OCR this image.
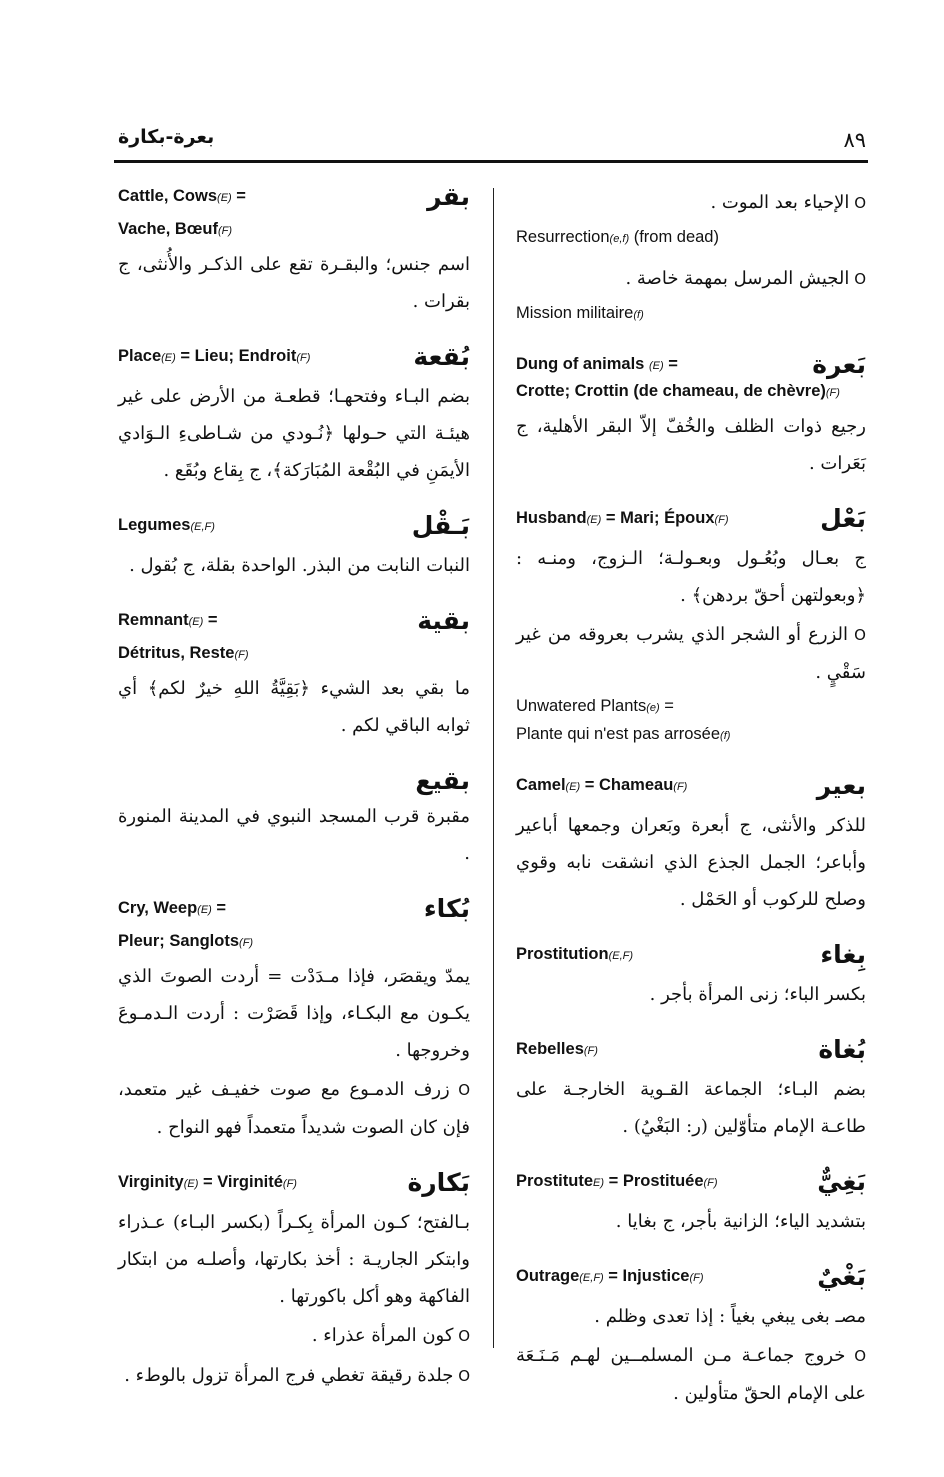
٨٩
بعرة-بكارة
O الإحياء بعد الموت .
Resurrection(e,f) (from dead)
O الجيش المرسل بمهمة خاصة .
Mission militaire(f)
Dung of animals (E) =	بَعرة
Crotte; Crottin (de chameau, de chèvre)(F)
رجيع ذوات الظلف والخُفّ إلاّ البقر الأهلية، ج بَعَرات .
Husband(E) = Mari; Époux(F)	بَعْل
ج بعـال وبُعُـول وبعـولـة؛ الـزوج، ومنـه : ﴿وبعولتهن أحقّ بردهن﴾ .
O الزرع أو الشجر الذي يشرب بعروقه من غير سَقْيٍ .
Unwatered Plants(e) =
Plante qui n'est pas arrosée(f)
Camel(E) = Chameau(F)	بعير
للذكر والأنثى، ج أبعرة وبَعران وجمعها أباعير وأباعر؛ الجمل الجذع الذي انشقت نابه وقوي وصلح للركوب أو الحَمْل .
Prostitution(E,F)	بِغاء
بكسر الباء؛ زنى المرأة بأجر .
Rebelles(F)	بُغاة
بضم البـاء؛ الجماعة القـوية الخارجـة على طاعـة الإمام متأوّلين (ر: البَغْيُ) .
ProstituteE) = Prostituée(F)	بَغِيٌّ
بتشديد الياء؛ الزانية بأجر، ج بغايا .
Outrage(E,F) = Injustice(F)	بَغْيٌ
مصـ بغى يبغي بغياً : إذا تعدى وظلم .
O خروج جماعـة مـن المسلمــين لهـم مَـنَـعَة على الإمام الحقّ متأولين .
Cattle, Cows(E) =	بقر
Vache, Bœuf(F)
اسم جنس؛ والبقـرة تقع على الذكـر والأُنثى، ج بقرات .
Place(E) = Lieu; Endroit(F)	بُقعة
بضم البـاء وفتحهـا؛ قطعـة من الأرض على غير هيئـة التي حـولها ﴿نُـودي من شـاطىءِ الـوَادي الأيمَنِ في البُقْعة المُبَارَكة﴾، ج بِقاع وبُقَع .
Legumes(E,F)	بَـقْل
النبات النابت من البذر. الواحدة بقلة، ج بُقول .
Remnant(E) =	بقية
Détritus, Reste(F)
ما بقي بعد الشيء ﴿بَقِيَّةُ اللهِ خيرٌ لكم﴾ أي ثوابه الباقي لكم .
بقيع
مقبرة قرب المسجد النبوي في المدينة المنورة .
Cry, Weep(E) =	بُكاء
Pleur; Sanglots(F)
يمدّ ويقصَر، فإذا مـدَدْت = أردت الصوتَ الذي يكـون مع البكـاء، وإذا قَصَرْت : أردت الـدمـوعَ وخروجها .
O زرف الدمـوع مع صوت خفيـف غير متعمد، فإن كان الصوت شديداً متعمداً فهو النواح .
Virginity(E) = Virginité(F)	بَكارة
بـالفتح؛ كـون المرأة بِكـراً (بكسر البـاء) عـذراء وابتكر الجاريـة : أخذ بكارتها، وأصلـه من ابتكار الفاكهة وهو أكل باكورتها .
O كون المرأة عذراء .
O جلدة رقيقة تغطي فرج المرأة تزول بالوطء .
